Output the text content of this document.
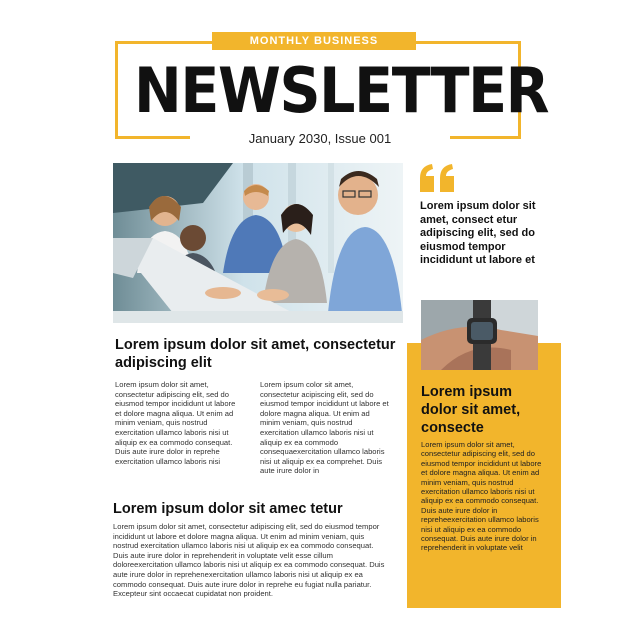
MONTHLY BUSINESS
NEWSLETTER
January 2030, Issue 001
Lorem ipsum dolor sit amet, consect etur adipiscing elit, sed do eiusmod tempor incididunt ut labore et
Lorem ipsum dolor sit amet, consecte
Lorem ipsum dolor sit amet, consectetur adipiscing elit, sed do eiusmod tempor incididunt ut labore et dolore magna aliqua. Ut enim ad minim veniam, quis nostrud exercitation ullamco laboris nisi ut aliquip ex ea commodo consequat. Duis aute irure dolor in repreheexercitation ullamco laboris nisi ut aliquip ex ea commodo consequat. Duis aute irure dolor in reprehenderit in voluptate velit
Lorem ipsum dolor sit amet, consectetur adipiscing elit
Lorem ipsum dolor sit amet, consectetur adipiscing elit, sed do eiusmod tempor incididunt ut labore et dolore magna aliqua. Ut enim ad minim veniam, quis nostrud exercitation ullamco laboris nisi ut aliquip ex ea commodo consequat. Duis aute irure dolor in reprehe exercitation ullamco laboris nisi
Lorem ipsum color sit amet, consectetur acipiscing elit, sed do eiusmod tempor incididunt ut labore et dolore magna aliqua. Ut enim ad minim veniam, quis nostrud exercitation ullamco laboris nisi ut aliquip ex ea commodo consequaexercitation ullamco laboris nisi ut aliquip ex ea comprehet. Duis aute irure dolor in
Lorem ipsum dolor sit amec tetur
Lorem ipsum dolor sit amet, consectetur adipiscing elit, sed do eiusmod tempor incididunt ut labore et dolore magna aliqua. Ut enim ad minim veniam, quis nostrud exercitation ullamco laboris nisi ut aliquip ex ea commodo consequat. Duis aute irure dolor in reprehenderit in voluptate velit esse cillum doloreexercitation ullamco laboris nisi ut aliquip ex ea commodo consequat. Duis aute irure dolor in reprehenexercitation ullamco laboris nisi ut aliquip ex ea commodo consequat. Duis aute irure dolor in reprehe eu fugiat nulla pariatur. Excepteur sint occaecat cupidatat non proident.
